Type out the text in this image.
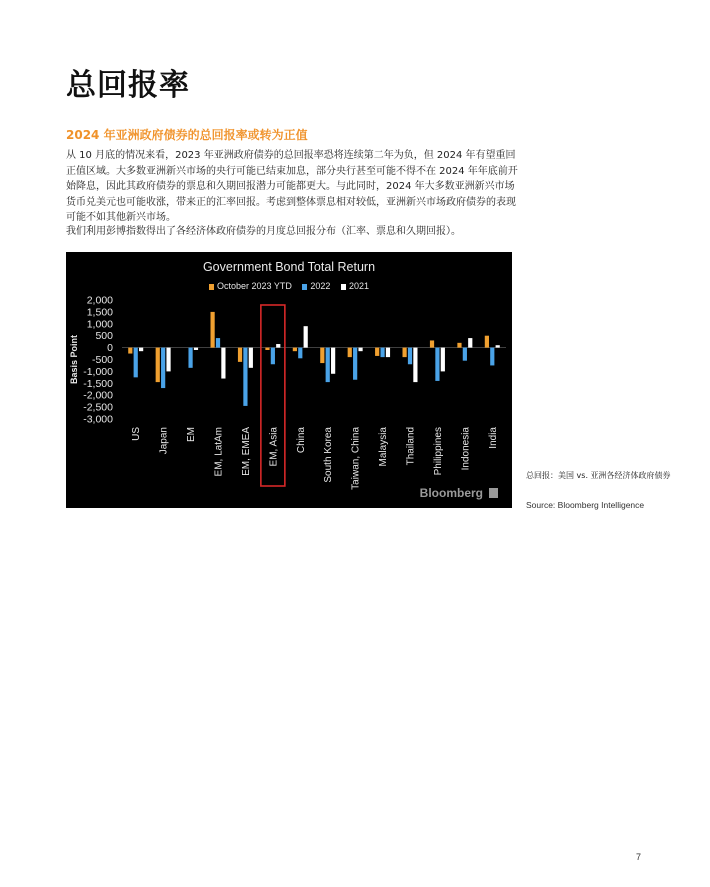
总回报率
2024 年亚洲政府债券的总回报率或转为正值
从 10 月底的情况来看，2023 年亚洲政府债券的总回报率恐将连续第二年为负，但 2024 年有望重回正值区域。大多数亚洲新兴市场的央行可能已结束加息，部分央行甚至可能不得不在 2024 年年底前开始降息，因此其政府债券的票息和久期回报潜力可能都更大。与此同时，2024 年大多数亚洲新兴市场货币兑美元也可能收涨，带来正的汇率回报。考虑到整体票息相对较低，亚洲新兴市场政府债券的表现可能不如其他新兴市场。
我们利用彭博指数得出了各经济体政府债券的月度总回报分布（汇率、票息和久期回报）。
Government Bond Total Return
October 2023 YTD 2022 2021
Basis Point
2,000
1,500
1,000
500
0
-500
-1,000
-1,500
-2,000
-2,500
-3,000
US Japan EM EM, LatAm EM, EMEA EM, Asia China South Korea Taiwan, China Malaysia Thailand Philippines Indonesia India
Bloomberg
总回报：美国 vs. 亚洲各经济体政府债券
Source: Bloomberg Intelligence
7
